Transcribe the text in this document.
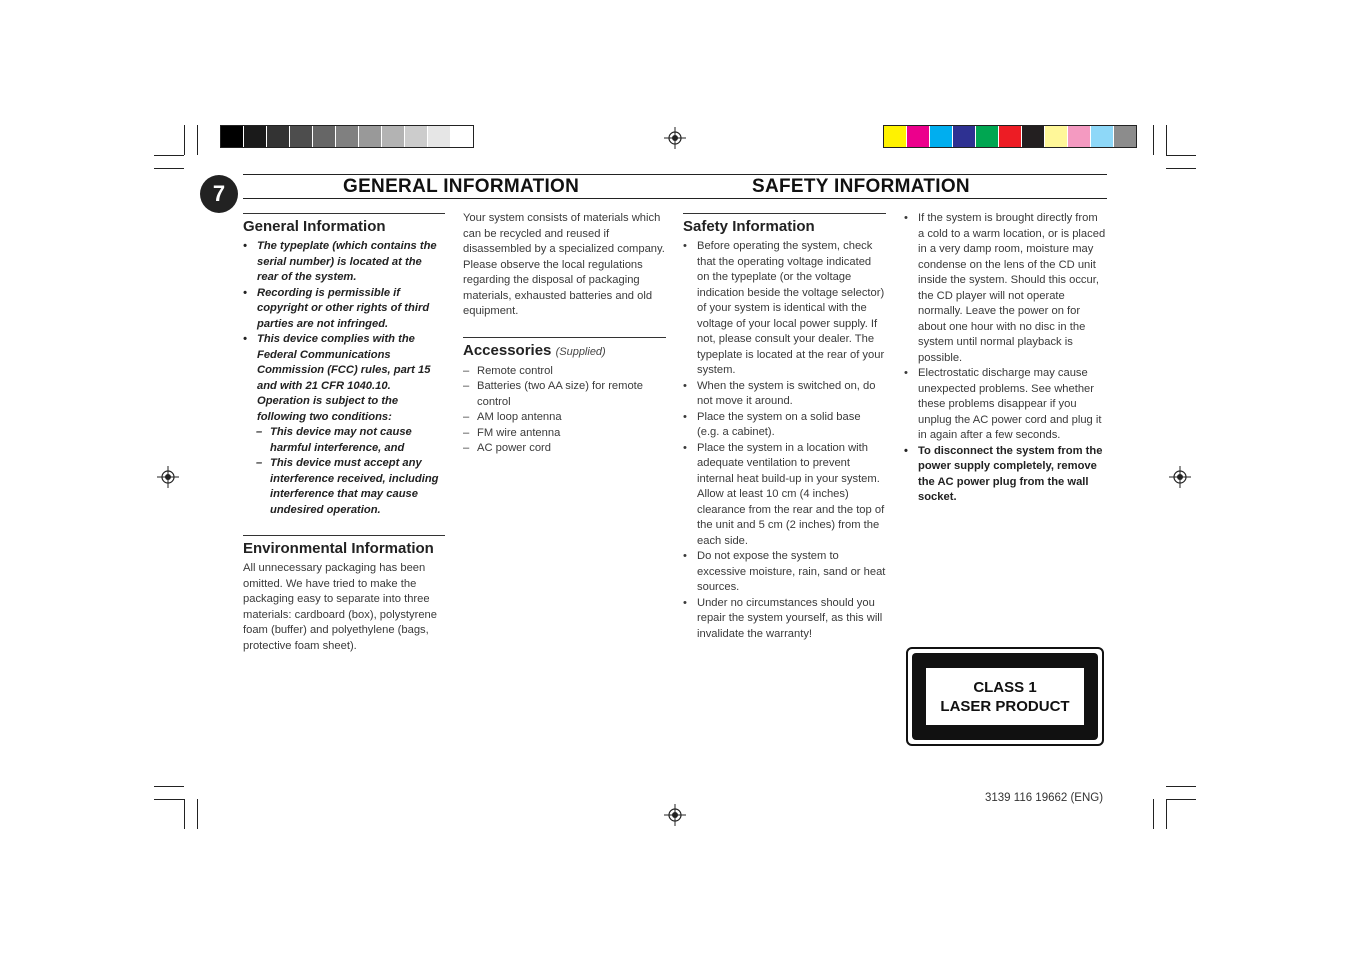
7	GENERAL INFORMATION	SAFETY INFORMATION
General Information
• The typeplate (which contains the serial number) is located at the rear of the system.
• Recording is permissible if copyright or other rights of third parties are not infringed.
• This device complies with the Federal Communications Commission (FCC) rules, part 15 and with 21 CFR 1040.10. Operation is subject to the following two conditions:
– This device may not cause harmful interference, and
– This device must accept any interference received, including interference that may cause undesired operation.
Environmental Information

All unnecessary packaging has been omitted. We have tried to make the packaging easy to separate into three materials: cardboard (box), polystyrene foam (buffer) and polyethylene (bags, protective foam sheet).

Your system consists of materials which can be recycled and reused if disassembled by a specialized company. Please observe the local regulations regarding the disposal of packaging materials, exhausted batteries and old equipment.

Accessories (Supplied)
– Remote control
– Batteries (two AA size) for remote control
– AM loop antenna
– FM wire antenna
– AC power cord
Safety Information
• Before operating the system, check that the operating voltage indicated on the typeplate (or the voltage indication beside the voltage selector) of your system is identical with the voltage of your local power supply. If not, please consult your dealer. The typeplate is located at the rear of your system.
• When the system is switched on, do not move it around.
• Place the system on a solid base (e.g. a cabinet).
• Place the system in a location with adequate ventilation to prevent internal heat build-up in your system. Allow at least 10 cm (4 inches) clearance from the rear and the top of the unit and 5 cm (2 inches) from the each side.
• Do not expose the system to excessive moisture, rain, sand or heat sources.
• Under no circumstances should you repair the system yourself, as this will invalidate the warranty!
• If the system is brought directly from a cold to a warm location, or is placed in a very damp room, moisture may condense on the lens of the CD unit inside the system. Should this occur, the CD player will not operate normally. Leave the power on for about one hour with no disc in the system until normal playback is possible.
• Electrostatic discharge may cause unexpected problems. See whether these problems disappear if you unplug the AC power cord and plug it in again after a few seconds.
• To disconnect the system from the power supply completely, remove the AC power plug from the wall socket.
CLASS 1
LASER PRODUCT
3139 116 19662 (ENG)
